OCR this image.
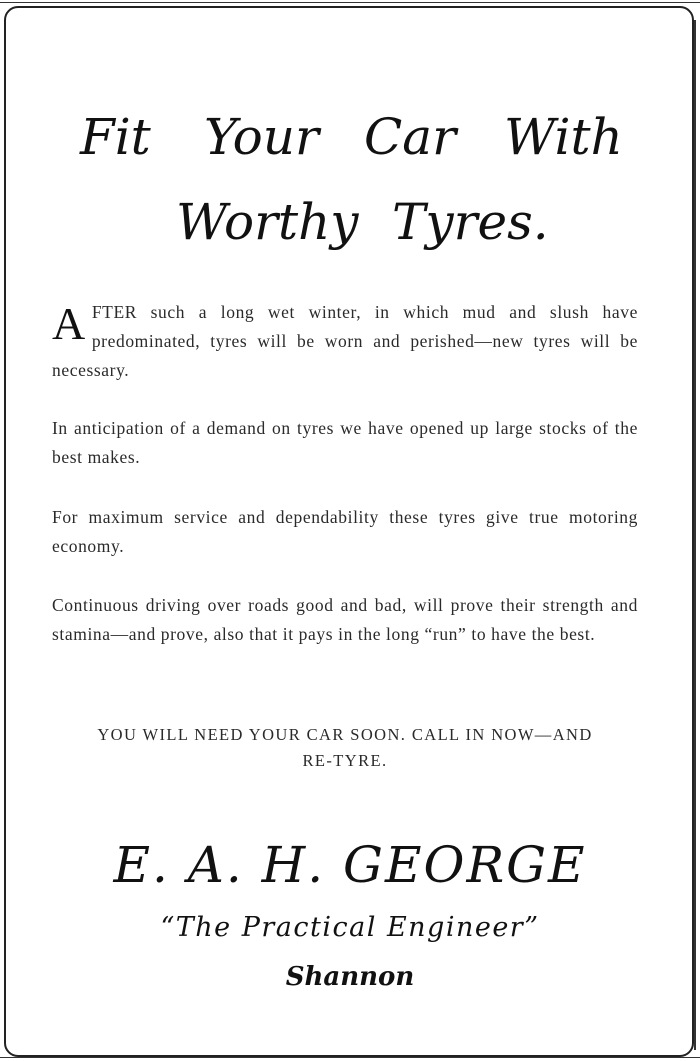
Fit Your Car With
Worthy Tyres.
AFTER such a long wet winter, in which mud and slush have predominated, tyres will be worn and perished—new tyres will be necessary.
In anticipation of a demand on tyres we have opened up large stocks of the best makes.
For maximum service and dependability these tyres give true motoring economy.
Continuous driving over roads good and bad, will prove their strength and stamina—and prove, also that it pays in the long “run” to have the best.
YOU WILL NEED YOUR CAR SOON. CALL IN NOW—AND
RE-TYRE.
E. A. H. GEORGE
“The Practical Engineer”
Shannon
